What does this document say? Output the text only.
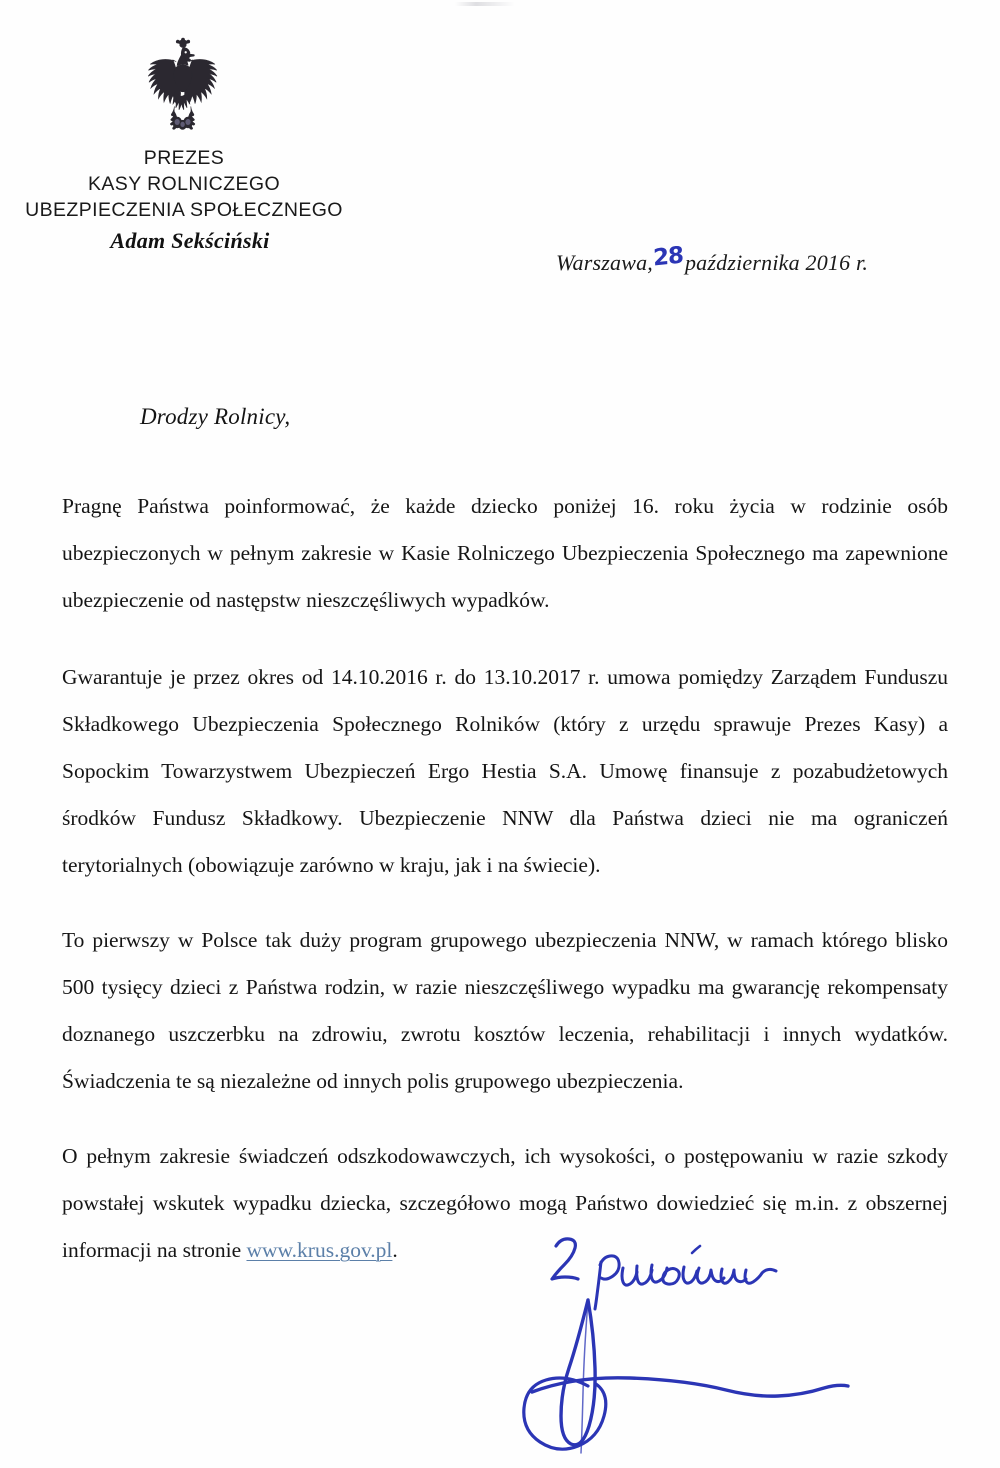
PREZES
KASY ROLNICZEGO
UBEZPIECZENIA SPOŁECZNEGO
Adam Sekściński
Warszawa,28października 2016 r.
Drodzy Rolnicy,

Pragnę Państwa poinformować, że każde dziecko poniżej 16. roku życia w rodzinie osób ubezpieczonych w pełnym zakresie w Kasie Rolniczego Ubezpieczenia Społecznego ma zapewnione ubezpieczenie od następstw nieszczęśliwych wypadków.

Gwarantuje je przez okres od 14.10.2016 r. do 13.10.2017 r. umowa pomiędzy Zarządem Funduszu Składkowego Ubezpieczenia Społecznego Rolników (który z urzędu sprawuje Prezes Kasy) a Sopockim Towarzystwem Ubezpieczeń Ergo Hestia S.A. Umowę finansuje z pozabudżetowych środków Fundusz Składkowy. Ubezpieczenie NNW dla Państwa dzieci nie ma ograniczeń terytorialnych (obowiązuje zarówno w kraju, jak i na świecie).

To pierwszy w Polsce tak duży program grupowego ubezpieczenia NNW, w ramach którego blisko 500 tysięcy dzieci z Państwa rodzin, w razie nieszczęśliwego wypadku ma gwarancję rekompensaty doznanego uszczerbku na zdrowiu, zwrotu kosztów leczenia, rehabilitacji i innych wydatków. Świadczenia te są niezależne od innych polis grupowego ubezpieczenia.

O pełnym zakresie świadczeń odszkodowawczych, ich wysokości, o postępowaniu w razie szkody powstałej wskutek wypadku dziecka, szczegółowo mogą Państwo dowiedzieć się m.in. z obszernej informacji na stronie www.krus.gov.pl.
